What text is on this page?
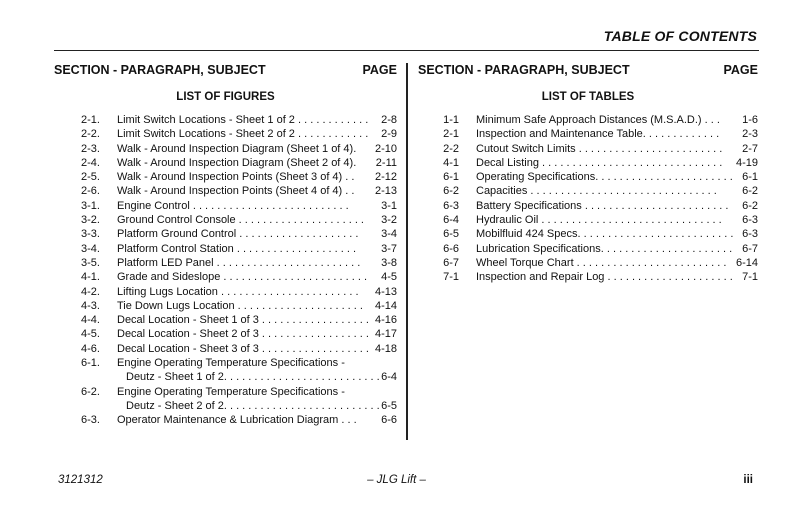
TABLE OF CONTENTS
SECTION - PARAGRAPH, SUBJECT	PAGE
LIST OF FIGURES
2-1. Limit Switch Locations - Sheet 1 of 2 . . . . . . . . . . . .	2-8
2-2. Limit Switch Locations - Sheet 2 of 2 . . . . . . . . . . . .	2-9
2-3. Walk - Around Inspection Diagram (Sheet 1 of 4).	2-10
2-4. Walk - Around Inspection Diagram (Sheet 2 of 4).	2-11
2-5. Walk - Around Inspection Points (Sheet 3 of 4) . .	2-12
2-6. Walk - Around Inspection Points (Sheet 4 of 4) . .	2-13
3-1. Engine Control . . . . . . . . . . . . . . . . . . . . . . . . . .	3-1
3-2. Ground Control Console . . . . . . . . . . . . . . . . . . . . .	3-2
3-3. Platform Ground Control . . . . . . . . . . . . . . . . . . . .	3-4
3-4. Platform Control Station . . . . . . . . . . . . . . . . . . . .	3-7
3-5. Platform LED Panel . . . . . . . . . . . . . . . . . . . . . . . .	3-8
4-1. Grade and Sideslope . . . . . . . . . . . . . . . . . . . . . . . .	4-5
4-2. Lifting Lugs Location . . . . . . . . . . . . . . . . . . . . . . .	4-13
4-3. Tie Down Lugs Location . . . . . . . . . . . . . . . . . . . . .	4-14
4-4. Decal Location - Sheet 1 of 3 . . . . . . . . . . . . . . . . . . 4-16
4-5. Decal Location - Sheet 2 of 3 . . . . . . . . . . . . . . . . . . 4-17
4-6. Decal Location - Sheet 3 of 3 . . . . . . . . . . . . . . . . . . 4-18
6-1. Engine Operating Temperature Specifications -
Deutz - Sheet 1 of 2. . . . . . . . . . . . . . . . . . . . . . . . . . 6-4
6-2. Engine Operating Temperature Specifications -
Deutz - Sheet 2 of 2. . . . . . . . . . . . . . . . . . . . . . . . . . 6-5
6-3. Operator Maintenance & Lubrication Diagram . . .	6-6
SECTION - PARAGRAPH, SUBJECT	PAGE
LIST OF TABLES
1-1 Minimum Safe Approach Distances (M.S.A.D.) . . .	1-6
2-1 Inspection and Maintenance Table. . . . . . . . . . . . .	2-3
2-2 Cutout Switch Limits . . . . . . . . . . . . . . . . . . . . . . . .	2-7
4-1 Decal Listing . . . . . . . . . . . . . . . . . . . . . . . . . . . . . .	4-19
6-1 Operating Specifications. . . . . . . . . . . . . . . . . . . . . . . 6-1
6-2 Capacities . . . . . . . . . . . . . . . . . . . . . . . . . . . . . . .	6-2
6-3 Battery Specifications . . . . . . . . . . . . . . . . . . . . . . . .	6-2
6-4 Hydraulic Oil . . . . . . . . . . . . . . . . . . . . . . . . . . . . . .	6-3
6-5 Mobilfluid 424 Specs. . . . . . . . . . . . . . . . . . . . . . . . . . 6-3
6-6 Lubrication Specifications. . . . . . . . . . . . . . . . . . . . . . 6-7
6-7 Wheel Torque Chart . . . . . . . . . . . . . . . . . . . . . . . . . 6-14
7-1 Inspection and Repair Log . . . . . . . . . . . . . . . . . . . . . 7-1
3121312	– JLG Lift –	iii
